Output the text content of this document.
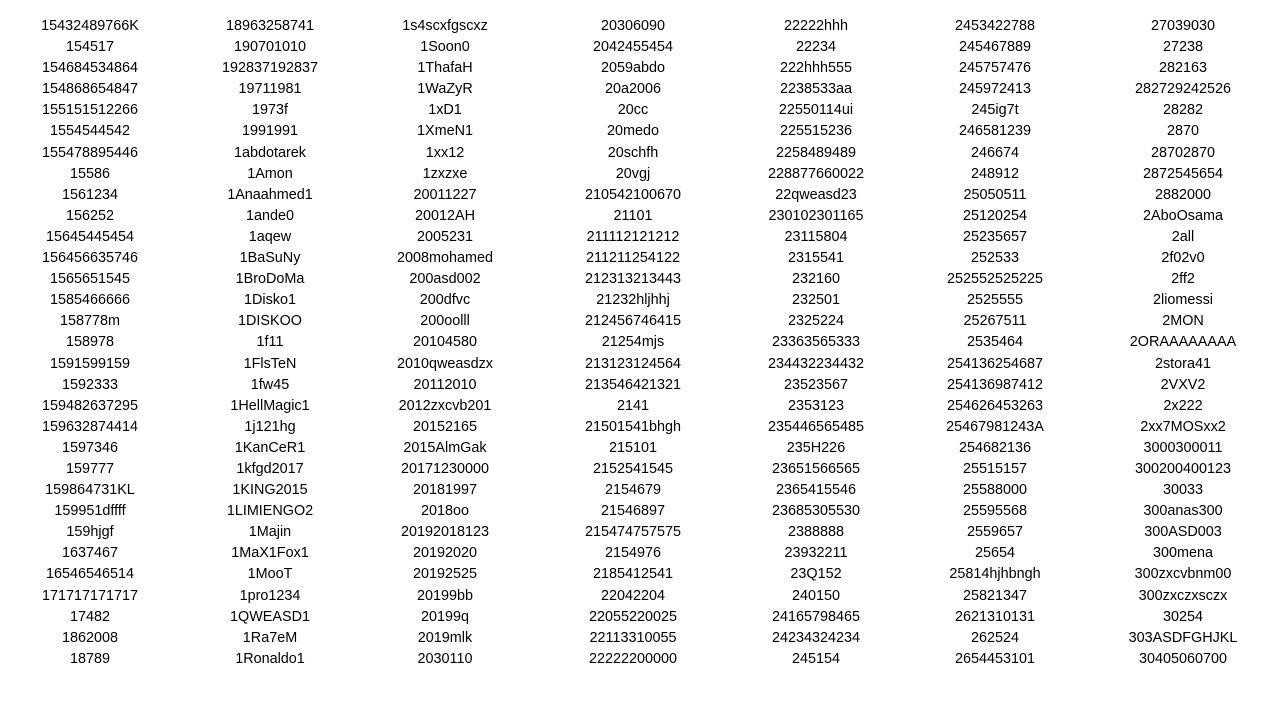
15432489766K
154517
154684534864
154868654847
155151512266
1554544542
155478895446
15586
1561234
156252
15645445454
156456635746
1565651545
1585466666
158778m
158978
1591599159
1592333
159482637295
159632874414
1597346
159777
159864731KL
159951dffff
159hjgf
1637467
16546546514
171717171717
17482
1862008
18789
18963258741
190701010
192837192837
19711981
1973f
1991991
1abdotarek
1Amon
1Anaahmed1
1ande0
1aqew
1BaSuNy
1BroDoMa
1Disko1
1DISKOO
1f11
1FlsTeN
1fw45
1HellMagic1
1j121hg
1KanCeR1
1kfgd2017
1KING2015
1LIMIENGO2
1Majin
1MaX1Fox1
1MooT
1pro1234
1QWEASD1
1Ra7eM
1Ronaldo1
1s4scxfgscxz
1Soon0
1ThafaH
1WaZyR
1xD1
1XmeN1
1xx12
1zxzxe
20011227
20012AH
2005231
2008mohamed
200asd002
200dfvc
200oolll
20104580
2010qweasdzx
20112010
2012zxcvb201
20152165
2015AlmGak
20171230000
20181997
2018oo
20192018123
20192020
20192525
20199bb
20199q
2019mlk
2030110
20306090
2042455454
2059abdo
20a2006
20cc
20medo
20schfh
20vgj
210542100670
21101
211112121212
211211254122
212313213443
21232hljhhj
212456746415
21254mjs
213123124564
213546421321
2141
21501541bhgh
215101
2152541545
2154679
21546897
215474757575
2154976
2185412541
22042204
22055220025
22113310055
22222200000
22222hhh
22234
222hhh555
2238533aa
22550114ui
225515236
2258489489
228877660022
22qweasd23
230102301165
23115804
2315541
232160
232501
2325224
23363565333
234432234432
23523567
2353123
235446565485
235H226
23651566565
2365415546
23685305530
2388888
23932211
23Q152
240150
24165798465
24234324234
245154
2453422788
245467889
245757476
245972413
245ig7t
246581239
246674
248912
25050511
25120254
25235657
252533
252552525225
2525555
25267511
2535464
254136254687
254136987412
254626453263
25467981243A
254682136
25515157
25588000
25595568
2559657
25654
25814hjhbngh
25821347
2621310131
262524
2654453101
27039030
27238
282163
282729242526
28282
2870
28702870
2872545654
2882000
2AboOsama
2all
2f02v0
2ff2
2liomessi
2MON
2ORAAAAAAAA
2stora41
2VXV2
2x222
2xx7MOSxx2
3000300011
300200400123
30033
300anas300
300ASD003
300mena
300zxcvbnm00
300zxczxsczx
30254
303ASDFGHJKL
30405060700
